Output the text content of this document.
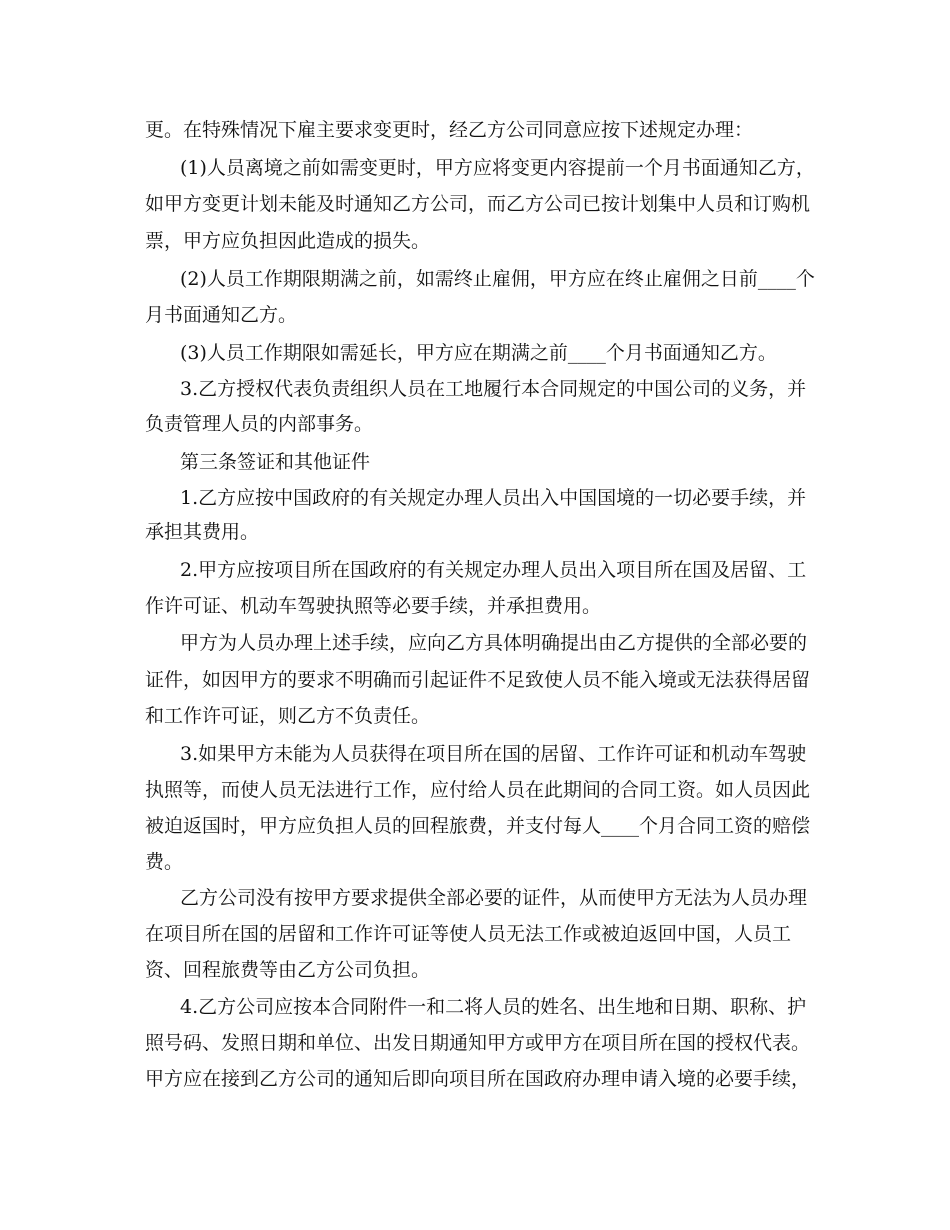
更。在特殊情况下雇主要求变更时，经乙方公司同意应按下述规定办理：
(1)人员离境之前如需变更时，甲方应将变更内容提前一个月书面通知乙方，
如甲方变更计划未能及时通知乙方公司，而乙方公司已按计划集中人员和订购机
票，甲方应负担因此造成的损失。
(2)人员工作期限期满之前，如需终止雇佣，甲方应在终止雇佣之日前____个
月书面通知乙方。
(3)人员工作期限如需延长，甲方应在期满之前____个月书面通知乙方。
3.乙方授权代表负责组织人员在工地履行本合同规定的中国公司的义务，并
负责管理人员的内部事务。
第三条签证和其他证件
1.乙方应按中国政府的有关规定办理人员出入中国国境的一切必要手续，并
承担其费用。
2.甲方应按项目所在国政府的有关规定办理人员出入项目所在国及居留、工
作许可证、机动车驾驶执照等必要手续，并承担费用。
甲方为人员办理上述手续，应向乙方具体明确提出由乙方提供的全部必要的
证件，如因甲方的要求不明确而引起证件不足致使人员不能入境或无法获得居留
和工作许可证，则乙方不负责任。
3.如果甲方未能为人员获得在项目所在国的居留、工作许可证和机动车驾驶
执照等，而使人员无法进行工作，应付给人员在此期间的合同工资。如人员因此
被迫返国时，甲方应负担人员的回程旅费，并支付每人____个月合同工资的赔偿
费。
乙方公司没有按甲方要求提供全部必要的证件，从而使甲方无法为人员办理
在项目所在国的居留和工作许可证等使人员无法工作或被迫返回中国，人员工
资、回程旅费等由乙方公司负担。
4.乙方公司应按本合同附件一和二将人员的姓名、出生地和日期、职称、护
照号码、发照日期和单位、出发日期通知甲方或甲方在项目所在国的授权代表。
甲方应在接到乙方公司的通知后即向项目所在国政府办理申请入境的必要手续，
